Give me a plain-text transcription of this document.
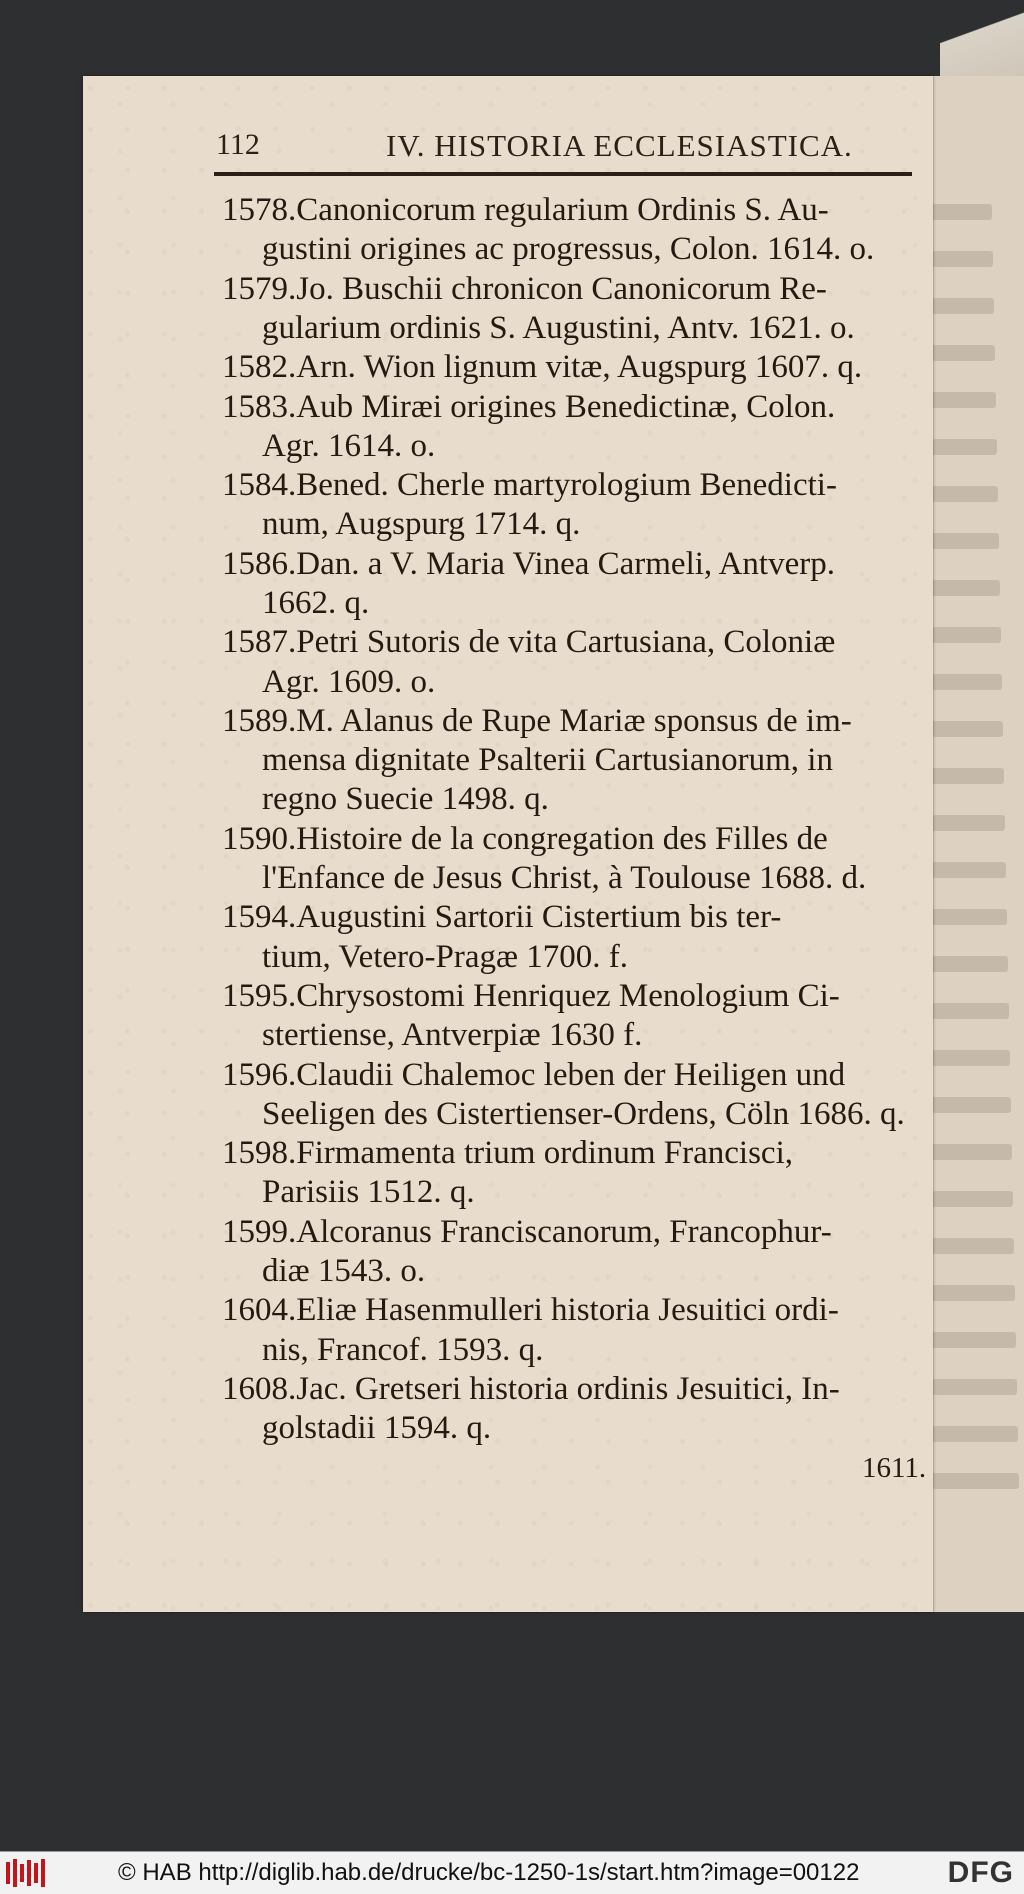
112	IV. HISTORIA ECCLESIASTICA.
1578.Canonicorum regularium Ordinis S. Au-
gustini origines ac progressus, Colon. 1614. o.
1579.Jo. Buschii chronicon Canonicorum Re-
gularium ordinis S. Augustini, Antv. 1621. o.
1582.Arn. Wion lignum vitæ, Augspurg 1607. q.
1583.Aub Miræi origines Benedictinæ, Colon.
Agr. 1614. o.
1584.Bened. Cherle martyrologium Benedicti-
num, Augspurg 1714. q.
1586.Dan. a V. Maria Vinea Carmeli, Antverp.
1662. q.
1587.Petri Sutoris de vita Cartusiana, Coloniæ
Agr. 1609. o.
1589.M. Alanus de Rupe Mariæ sponsus de im-
mensa dignitate Psalterii Cartusianorum, in
regno Suecie 1498. q.
1590.Histoire de la congregation des Filles de
l'Enfance de Jesus Christ, à Toulouse 1688. d.
1594.Augustini Sartorii Cistertium bis ter-
tium, Vetero-Pragæ 1700. f.
1595.Chrysostomi Henriquez Menologium Ci-
stertiense, Antverpiæ 1630 f.
1596.Claudii Chalemoc leben der Heiligen und
Seeligen des Cistertienser-Ordens, Cöln 1686. q.
1598.Firmamenta trium ordinum Francisci,
Parisiis 1512. q.
1599.Alcoranus Franciscanorum, Francophur-
diæ 1543. o.
1604.Eliæ Hasenmulleri historia Jesuitici ordi-
nis, Francof. 1593. q.
1608.Jac. Gretseri historia ordinis Jesuitici, In-
golstadii 1594. q.
1611.
© HAB http://diglib.hab.de/drucke/bc-1250-1s/start.htm?image=00122	DFG
